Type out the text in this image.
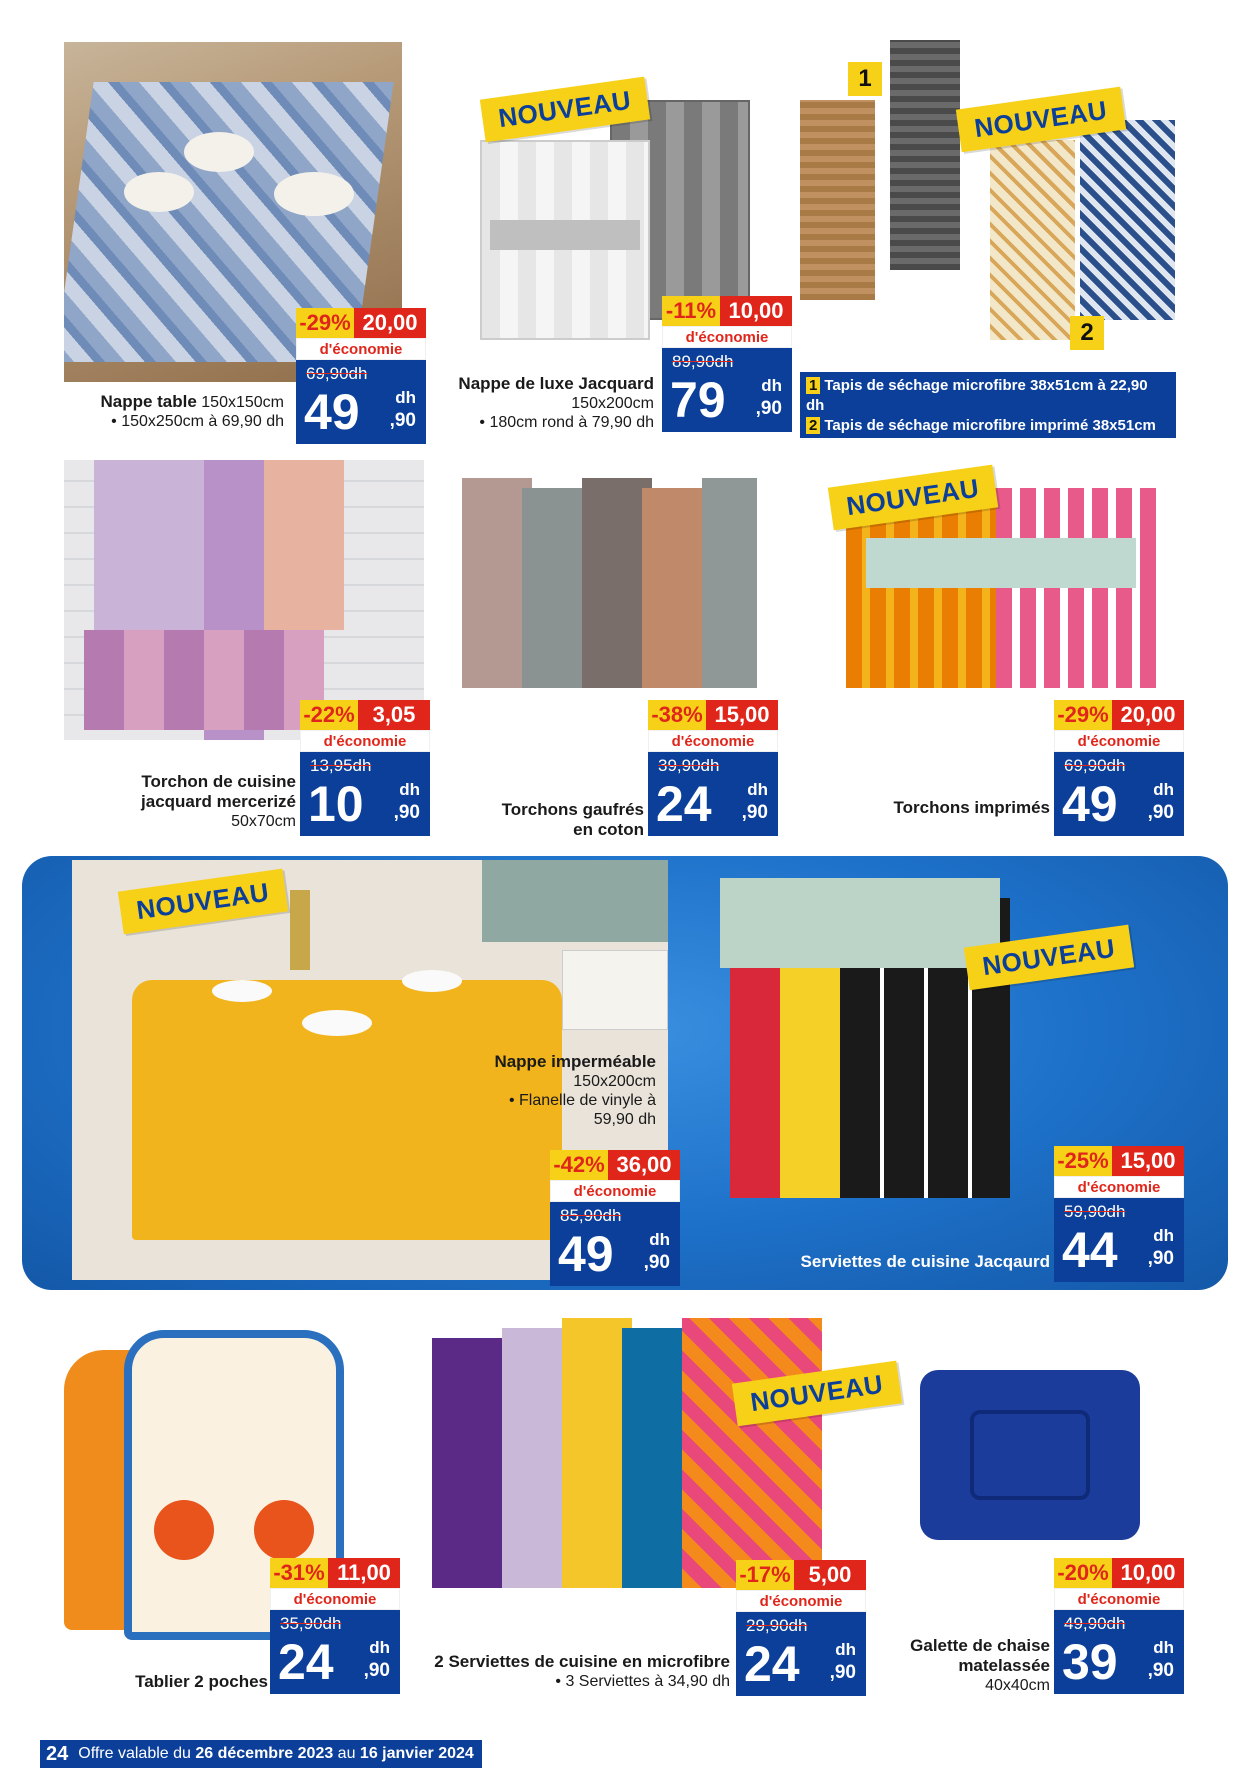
NOUVEAU	NOUVEAU
1
2
-29% 20,00
d'économie
69,90dh
49 dh
,90
Nappe table 150x150cm
• 150x250cm à 69,90 dh
-11% 10,00
d'économie
89,90dh
79 dh
,90
Nappe de luxe Jacquard
150x200cm
• 180cm rond à 79,90 dh
1 Tapis de séchage microfibre 38x51cm à 22,90 dh
2 Tapis de séchage microfibre imprimé 38x51cm
à 25,90 dh
NOUVEAU
-22% 3,05
d'économie
13,95dh
10 dh
,90
Torchon de cuisine jacquard mercerizé
50x70cm
-38% 15,00
d'économie
39,90dh
24 dh
,90
Torchons gaufrés en coton
-29% 20,00
d'économie
69,90dh
49 dh
,90
Torchons imprimés
NOUVEAU
NOUVEAU
Nappe imperméable
150x200cm
• Flanelle de vinyle à 59,90 dh
-42% 36,00
d'économie
85,90dh
49 dh
,90
-25% 15,00
d'économie
59,90dh
44 dh
,90
Serviettes de cuisine Jacqaurd
NOUVEAU
-31% 11,00
d'économie
35,90dh
24 dh
,90
Tablier 2 poches
-17% 5,00
d'économie
29,90dh
24 dh
,90
2 Serviettes de cuisine en microfibre
• 3 Serviettes à 34,90 dh
-20% 10,00
d'économie
49,90dh
39 dh
,90
Galette de chaise matelassée
40x40cm
24 Offre valable du 26 décembre 2023 au 16 janvier 2024
